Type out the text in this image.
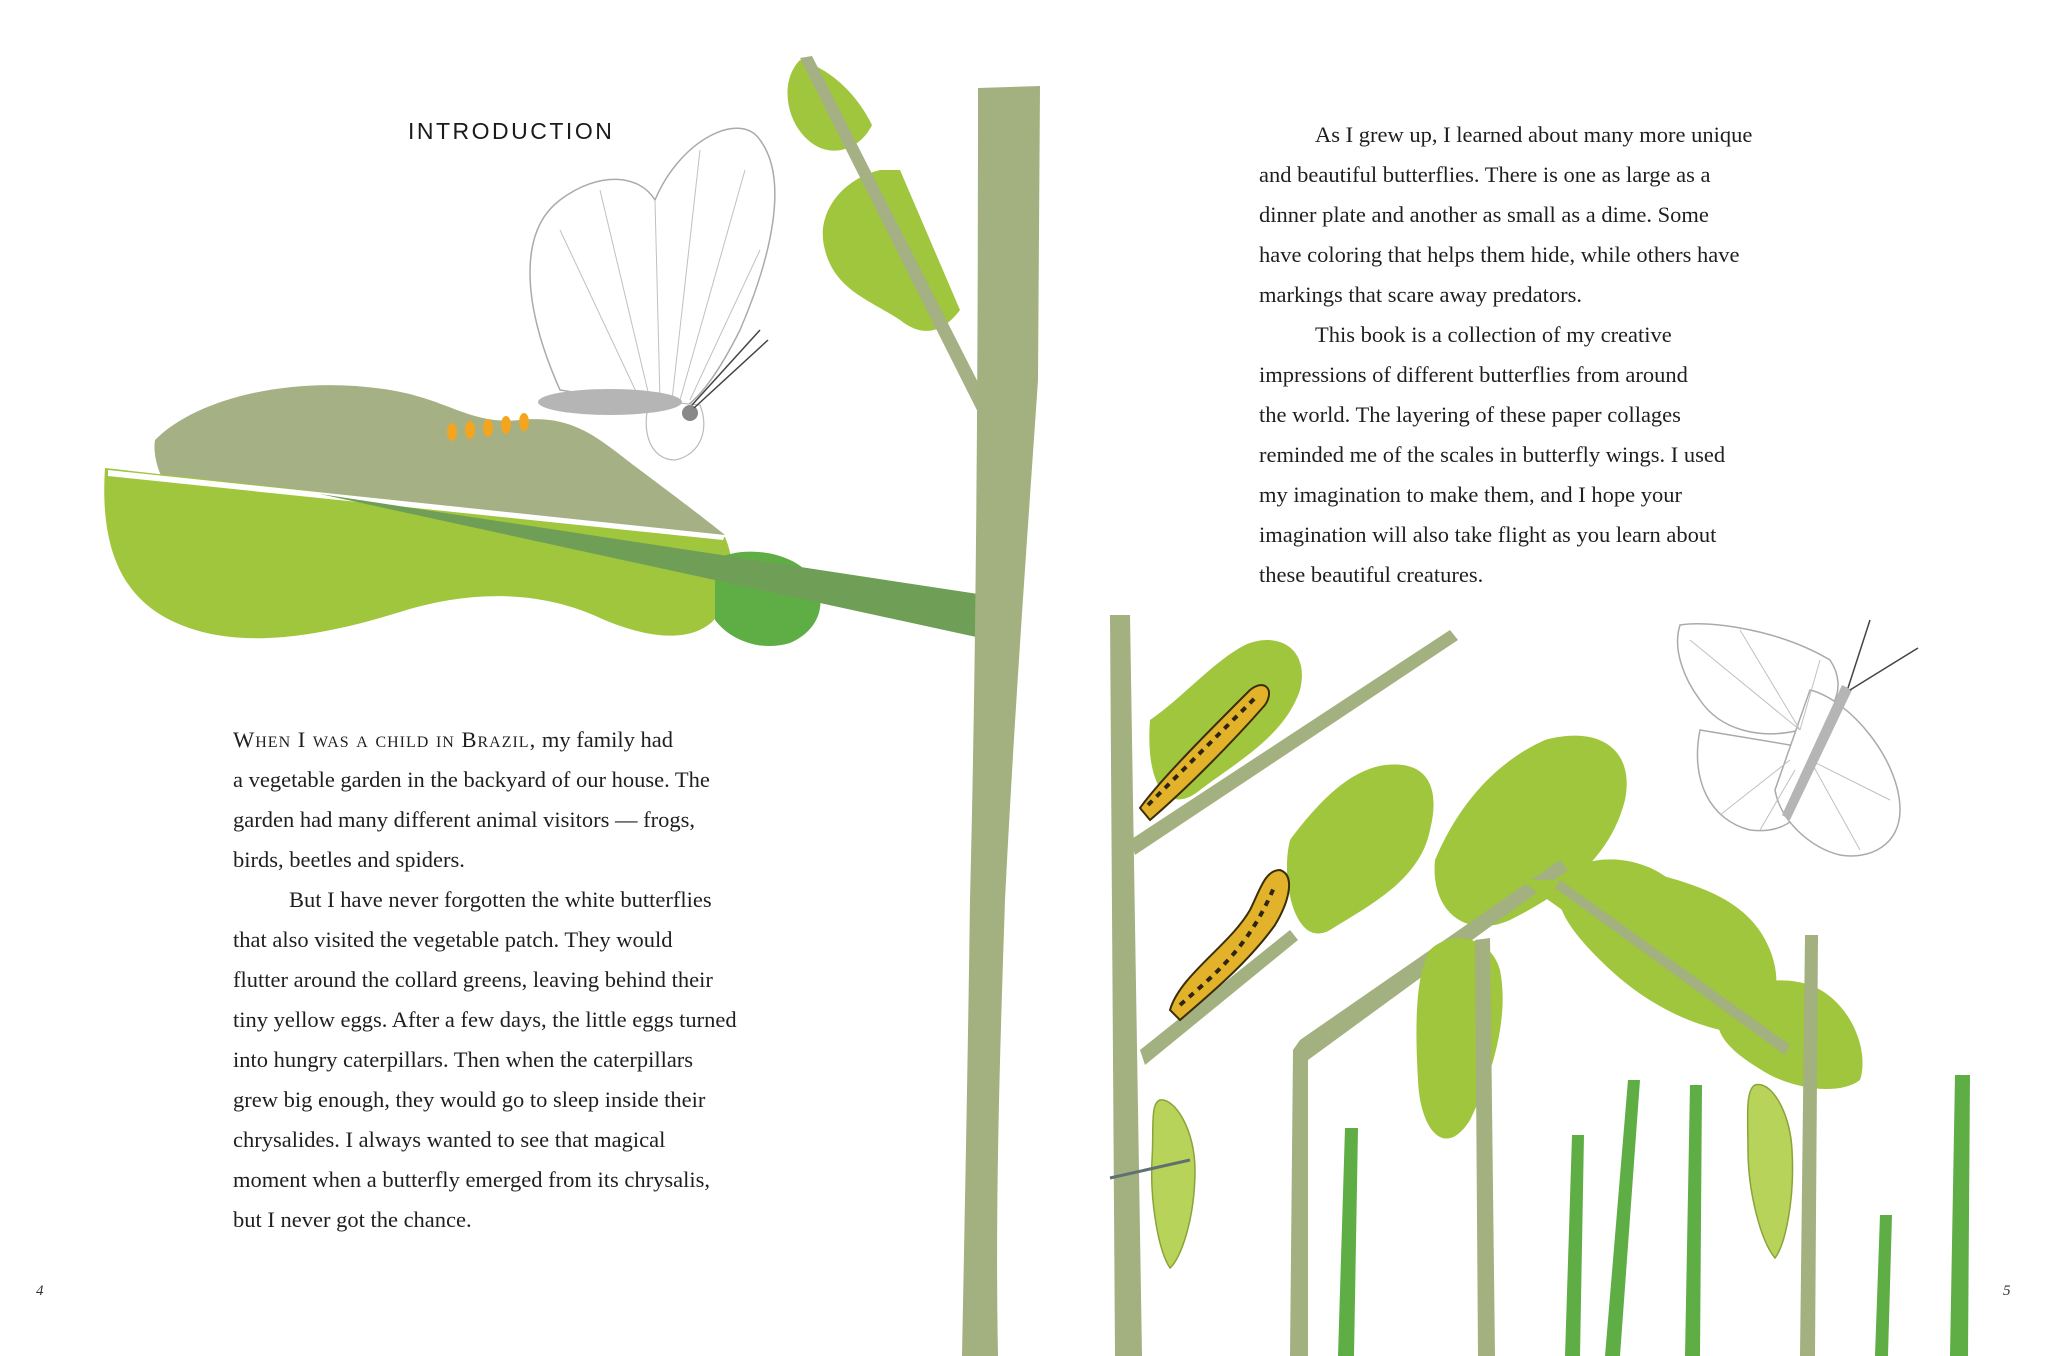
INTRODUCTION
When I was a child in Brazil, my family had
a vegetable garden in the backyard of our house. The
garden had many different animal visitors — frogs,
birds, beetles and spiders.
But I have never forgotten the white butterflies
that also visited the vegetable patch. They would
flutter around the collard greens, leaving behind their
tiny yellow eggs. After a few days, the little eggs turned
into hungry caterpillars. Then when the caterpillars
grew big enough, they would go to sleep inside their
chrysalides. I always wanted to see that magical
moment when a butterfly emerged from its chrysalis,
but I never got the chance.
As I grew up, I learned about many more unique
and beautiful butterflies. There is one as large as a
dinner plate and another as small as a dime. Some
have coloring that helps them hide, while others have
markings that scare away predators.
This book is a collection of my creative
impressions of different butterflies from around
the world. The layering of these paper collages
reminded me of the scales in butterfly wings. I used
my imagination to make them, and I hope your
imagination will also take flight as you learn about
these beautiful creatures.
4	5
